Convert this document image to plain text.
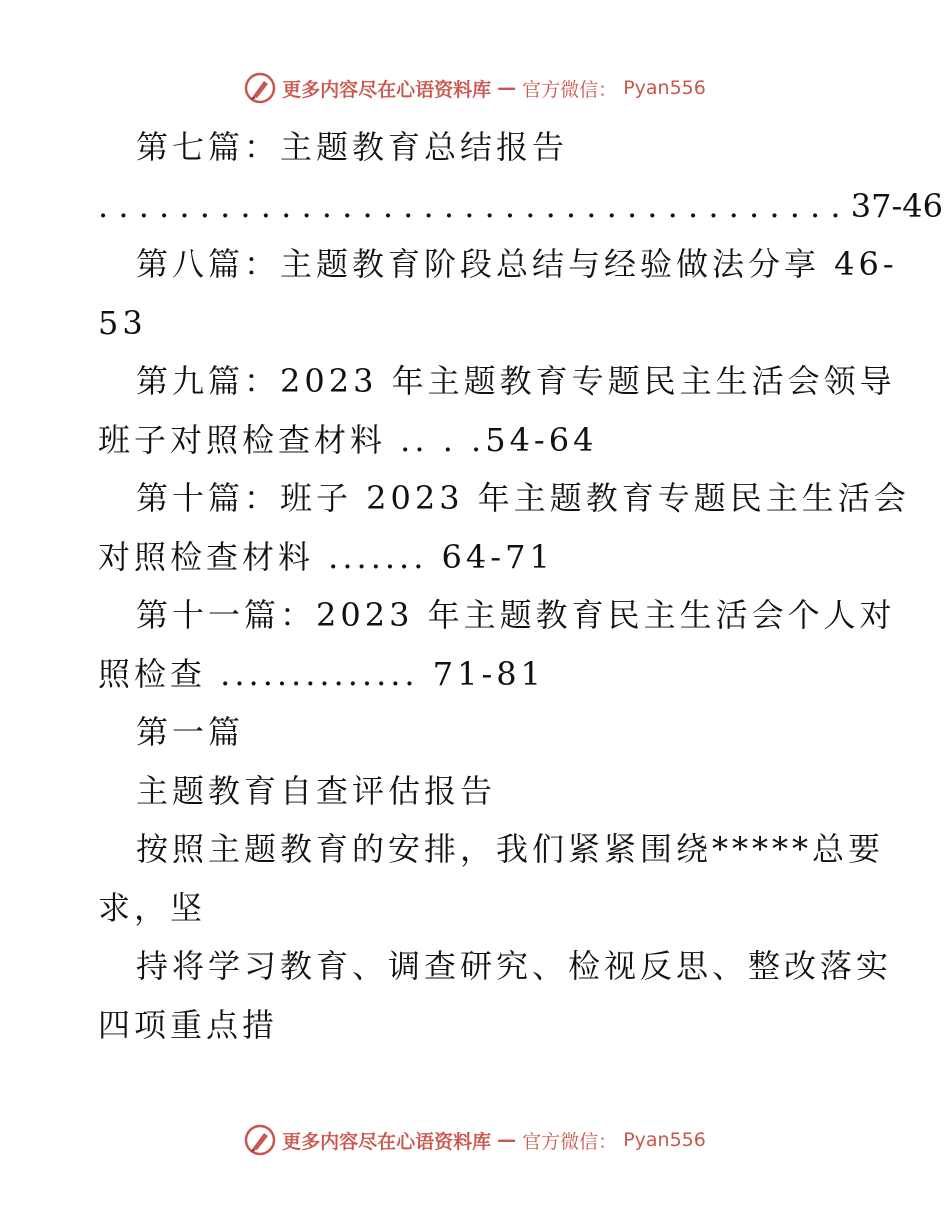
更多内容尽在心语资料库 — 官方微信： Pyan556
第七篇：主题教育总结报告
. . . . . . . . . . . . . . . . . . . . . . . . . . . . . . . . . . . . . 37-46
第八篇：主题教育阶段总结与经验做法分享 46-
53
第九篇：2023 年主题教育专题民主生活会领导
班子对照检查材料 .. . .54-64
第十篇：班子 2023 年主题教育专题民主生活会
对照检查材料 ....... 64-71
第十一篇：2023 年主题教育民主生活会个人对
照检查 .............. 71-81
第一篇
主题教育自查评估报告
按照主题教育的安排，我们紧紧围绕*****总要
求，坚
持将学习教育、调查研究、检视反思、整改落实
四项重点措
更多内容尽在心语资料库 — 官方微信： Pyan556
